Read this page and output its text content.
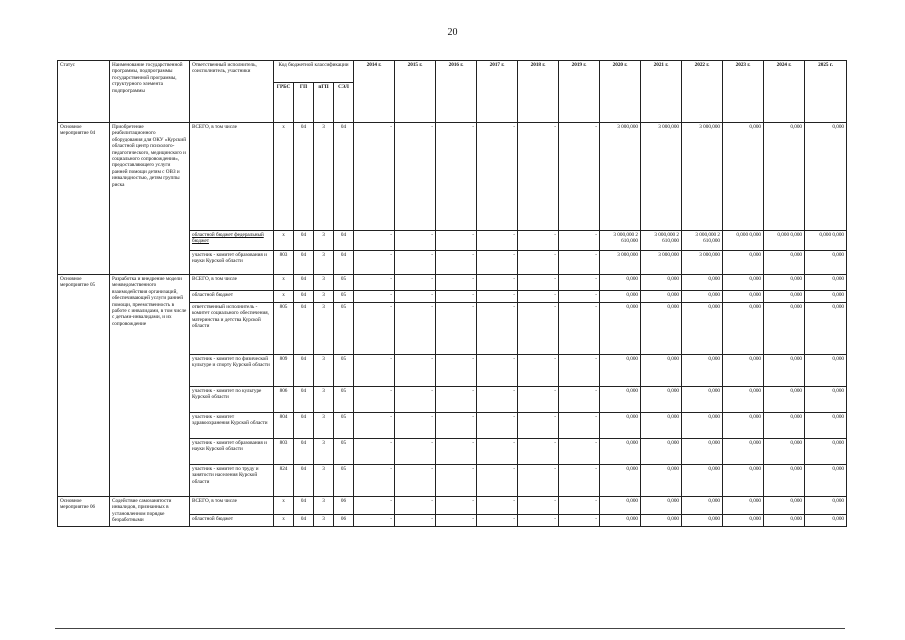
20
Статус	Наименование государственной программы, подпрограммы государственной программы, структурного элемента подпрограммы	Ответственный исполнитель, соисполнитель, участники	Код бюджетной классификации				2014 г.	2015 г.	2016 г.	2017 г.	2018 г.	2019 г.	2020 г.	2021 г.	2022 г.	2023 г.	2024 г.	2025 г.
			ГРБС	ГП	пГП	СЭЛ												
Основное мероприятие 04	Приобретение реабилитационного оборудования для ОКУ «Курский областной центр психолого-педагогического, медицинского и социального сопровождения», предоставляющего услуги ранней помощи детям с ОВЗ и инвалидностью, детям группы риска	ВСЕГО, в том числе	x	04	3	04	-	-	-	-	-	-	3 000,000	3 000,000	3 000,000	0,000	0,000	0,000
		областной бюджет федеральный бюджет	x	04	3	04	-	-	-	-	-	-	3 000,000 2 610,000	3 000,000 2 610,000	3 000,000 2 610,000	0,000 0,000	0,000 0,000	0,000 0,000
		участник - комитет образования и науки Курской области	803	04	3	04	-	-	-	-	-	-	3 000,000	3 000,000	3 000,000	0,000	0,000	0,000
Основное мероприятие 05	Разработка и внедрение модели межведомственного взаимодействия организаций, обеспечивающей услуги ранней помощи, преемственность в работе с инвалидами, в том числе с детьми-инвалидами, и их сопровождение	ВСЕГО, в том числе	x	04	3	05	-	-	-	-	-	-	0,000	0,000	0,000	0,000	0,000	0,000
		областной бюджет	x	04	3	05	-	-	-	-	-	-	0,000	0,000	0,000	0,000	0,000	0,000
		ответственный исполнитель - комитет социального обеспечения, материнства и детства Курской области	805	04	3	05	-	-	-	-	-	-	0,000	0,000	0,000	0,000	0,000	0,000
		участник - комитет по физической культуре и спорту Курской области	809	04	3	05	-	-	-	-	-	-	0,000	0,000	0,000	0,000	0,000	0,000
		участник - комитет по культуре Курской области	806	04	3	05	-	-	-	-	-	-	0,000	0,000	0,000	0,000	0,000	0,000
		участник - комитет здравоохранения Курской области	804	04	3	05	-	-	-	-	-	-	0,000	0,000	0,000	0,000	0,000	0,000
		участник - комитет образования и науки Курской области	803	04	3	05	-	-	-	-	-	-	0,000	0,000	0,000	0,000	0,000	0,000
		участник - комитет по труду и занятости населения Курской области	824	04	3	05	-	-	-	-	-	-	0,000	0,000	0,000	0,000	0,000	0,000
Основное мероприятие 06	Содействие самозанятости инвалидов, признанных в установленном порядке безработными	ВСЕГО, в том числе	x	04	3	06	-	-	-	-	-	-	0,000	0,000	0,000	0,000	0,000	0,000
		областной бюджет	x	04	3	06	-	-	-	-	-	-	0,000	0,000	0,000	0,000	0,000	0,000
